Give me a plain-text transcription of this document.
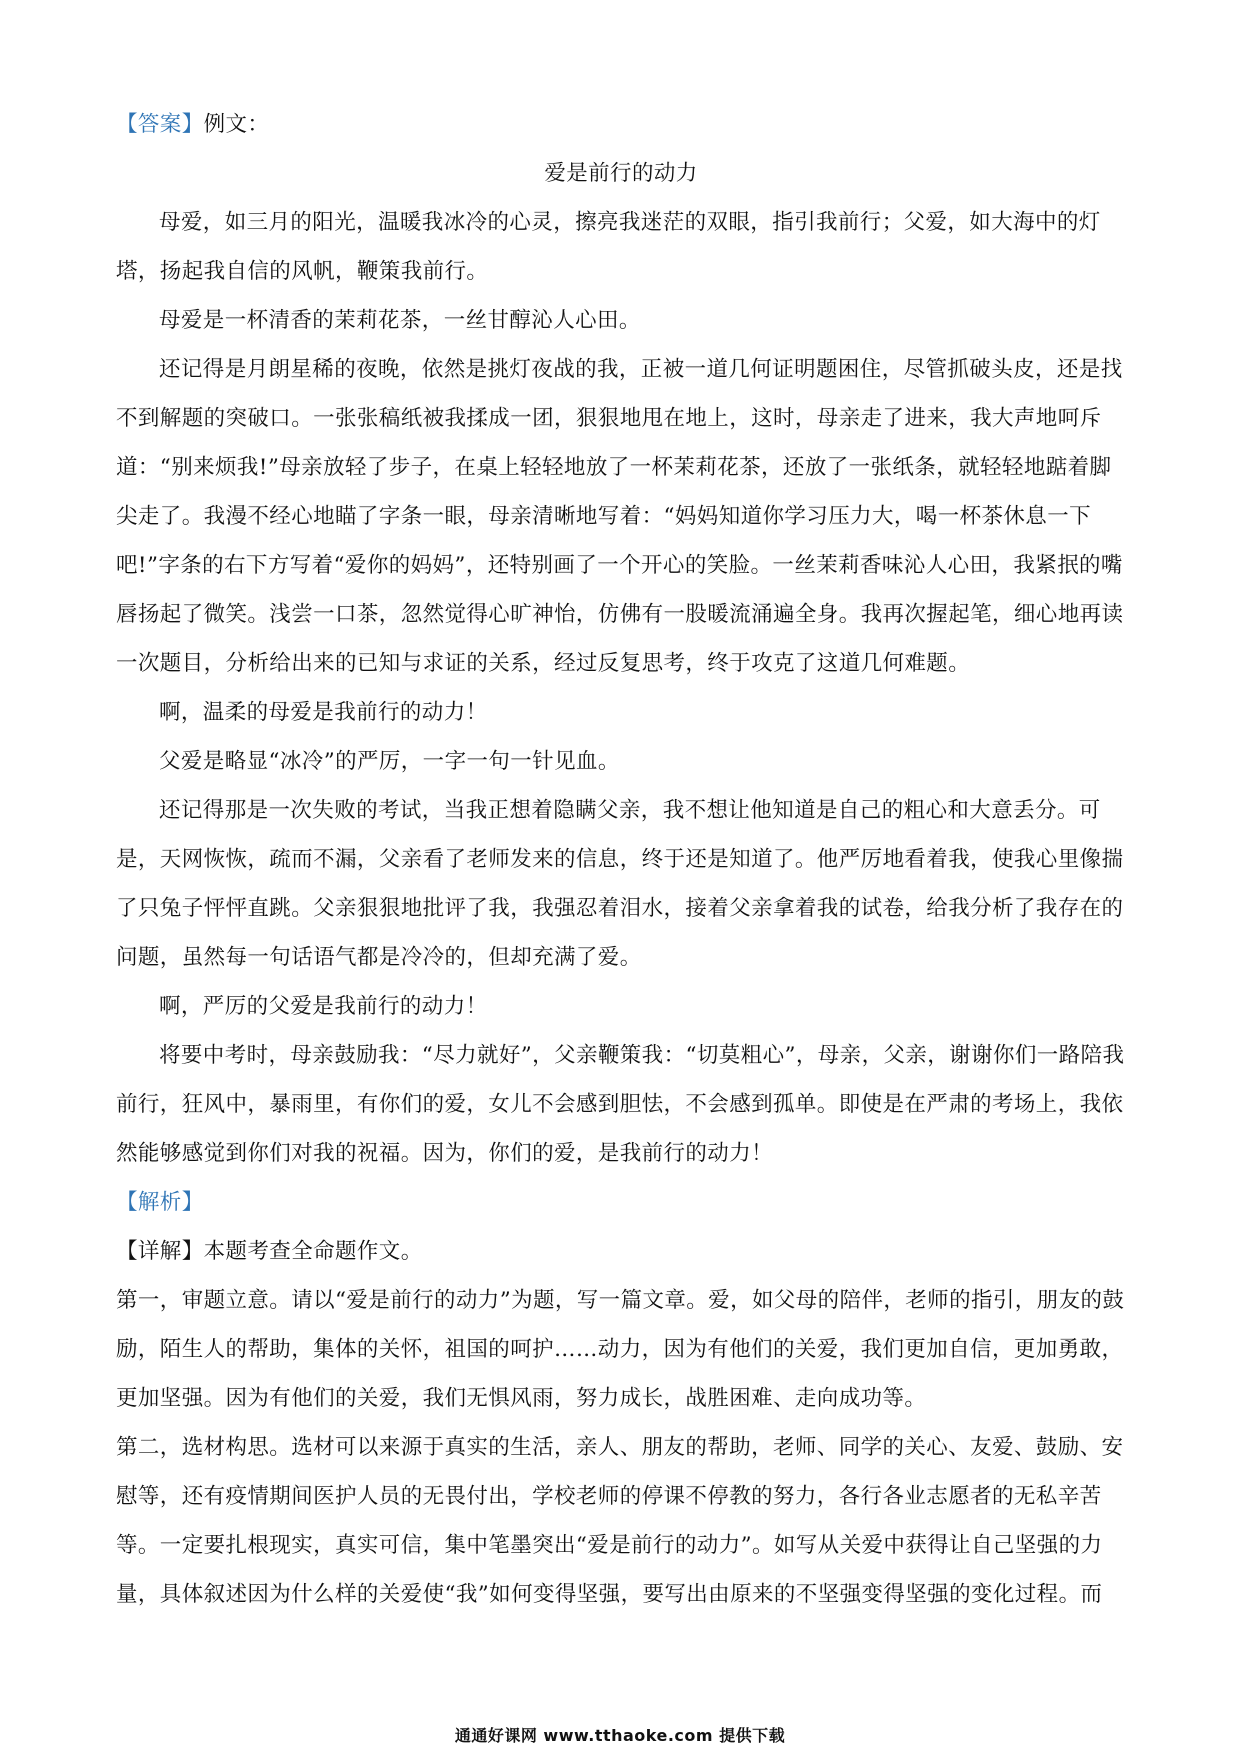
【答案】例文：

爱是前行的动力

母爱，如三月的阳光，温暖我冰冷的心灵，擦亮我迷茫的双眼，指引我前行；父爱，如大海中的灯塔，扬起我自信的风帆，鞭策我前行。

母爱是一杯清香的茉莉花茶，一丝甘醇沁人心田。

还记得是月朗星稀的夜晚，依然是挑灯夜战的我，正被一道几何证明题困住，尽管抓破头皮，还是找不到解题的突破口。一张张稿纸被我揉成一团，狠狠地甩在地上，这时，母亲走了进来，我大声地呵斥道：“别来烦我!”母亲放轻了步子，在桌上轻轻地放了一杯茉莉花茶，还放了一张纸条，就轻轻地踮着脚尖走了。我漫不经心地瞄了字条一眼，母亲清晰地写着：“妈妈知道你学习压力大，喝一杯茶休息一下吧!”字条的右下方写着“爱你的妈妈”，还特别画了一个开心的笑脸。一丝茉莉香味沁人心田，我紧抿的嘴唇扬起了微笑。浅尝一口茶，忽然觉得心旷神怡，仿佛有一股暖流涌遍全身。我再次握起笔，细心地再读一次题目，分析给出来的已知与求证的关系，经过反复思考，终于攻克了这道几何难题。

啊，温柔的母爱是我前行的动力！

父爱是略显“冰冷”的严厉，一字一句一针见血。

还记得那是一次失败的考试，当我正想着隐瞒父亲，我不想让他知道是自己的粗心和大意丢分。可是，天网恢恢，疏而不漏，父亲看了老师发来的信息，终于还是知道了。他严厉地看着我，使我心里像揣了只兔子怦怦直跳。父亲狠狠地批评了我，我强忍着泪水，接着父亲拿着我的试卷，给我分析了我存在的问题，虽然每一句话语气都是冷冷的，但却充满了爱。

啊，严厉的父爱是我前行的动力！

将要中考时，母亲鼓励我：“尽力就好”，父亲鞭策我：“切莫粗心”，母亲，父亲，谢谢你们一路陪我前行，狂风中，暴雨里，有你们的爱，女儿不会感到胆怯，不会感到孤单。即使是在严肃的考场上，我依然能够感觉到你们对我的祝福。因为，你们的爱，是我前行的动力！

【解析】
【详解】本题考查全命题作文。

第一，审题立意。请以“爱是前行的动力”为题，写一篇文章。爱，如父母的陪伴，老师的指引，朋友的鼓励，陌生人的帮助，集体的关怀，祖国的呵护……动力，因为有他们的关爱，我们更加自信，更加勇敢，更加坚强。因为有他们的关爱，我们无惧风雨，努力成长，战胜困难、走向成功等。

第二，选材构思。选材可以来源于真实的生活，亲人、朋友的帮助，老师、同学的关心、友爱、鼓励、安慰等，还有疫情期间医护人员的无畏付出，学校老师的停课不停教的努力，各行各业志愿者的无私辛苦等。一定要扎根现实，真实可信，集中笔墨突出“爱是前行的动力”。如写从关爱中获得让自己坚强的力量，具体叙述因为什么样的关爱使“我”如何变得坚强，要写出由原来的不坚强变得坚强的变化过程。而

通通好课网 www.tthaoke.com 提供下载
